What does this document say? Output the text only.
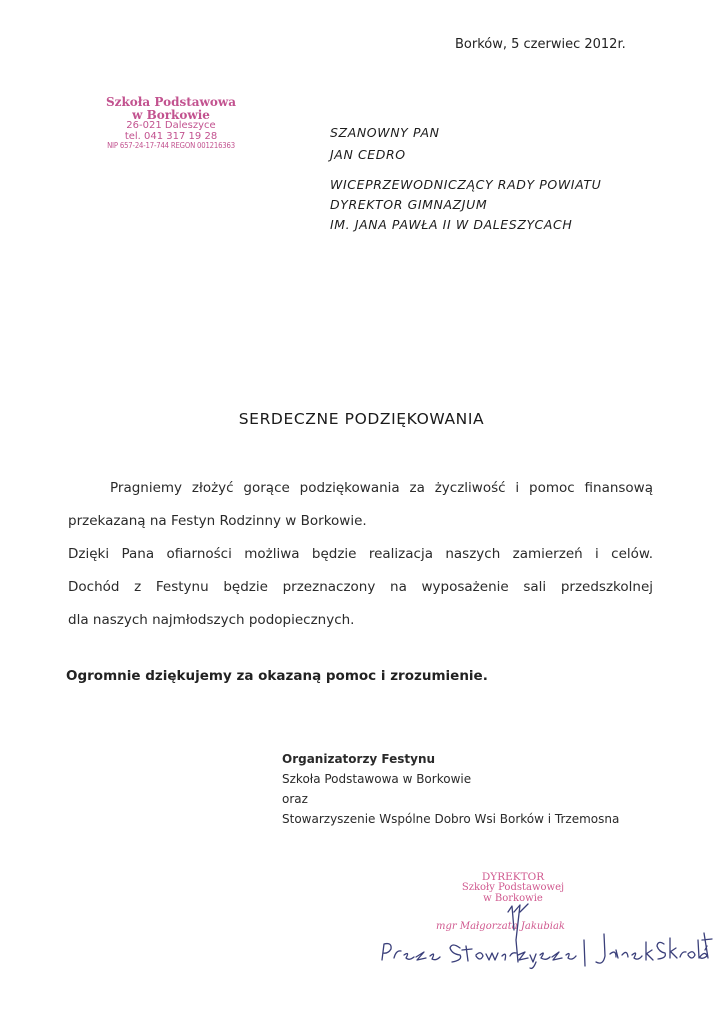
Borków, 5 czerwiec 2012r.
Szkoła Podstawowa
w Borkowie
26-021 Daleszyce
tel. 041 317 19 28
NIP 657-24-17-744 REGON 001216363
SZANOWNY PAN
JAN CEDRO
WICEPRZEWODNICZĄCY RADY POWIATU
DYREKTOR GIMNAZJUM
IM. JANA PAWŁA II W DALESZYCACH
SERDECZNE PODZIĘKOWANIA
Pragniemy złożyć gorące podziękowania za życzliwość i pomoc finansową
przekazaną na Festyn Rodzinny w Borkowie.
Dzięki Pana ofiarności możliwa będzie realizacja naszych zamierzeń i celów.
Dochód z Festynu będzie przeznaczony na wyposażenie sali przedszkolnej
dla naszych najmłodszych podopiecznych.
Ogromnie dziękujemy za okazaną pomoc i zrozumienie.
Organizatorzy Festynu
Szkoła Podstawowa w Borkowie
oraz
Stowarzyszenie Wspólne Dobro Wsi Borków i Trzemosna
DYREKTOR
Szkoły Podstawowej
w Borkowie
mgr Małgorzata Jakubiak
